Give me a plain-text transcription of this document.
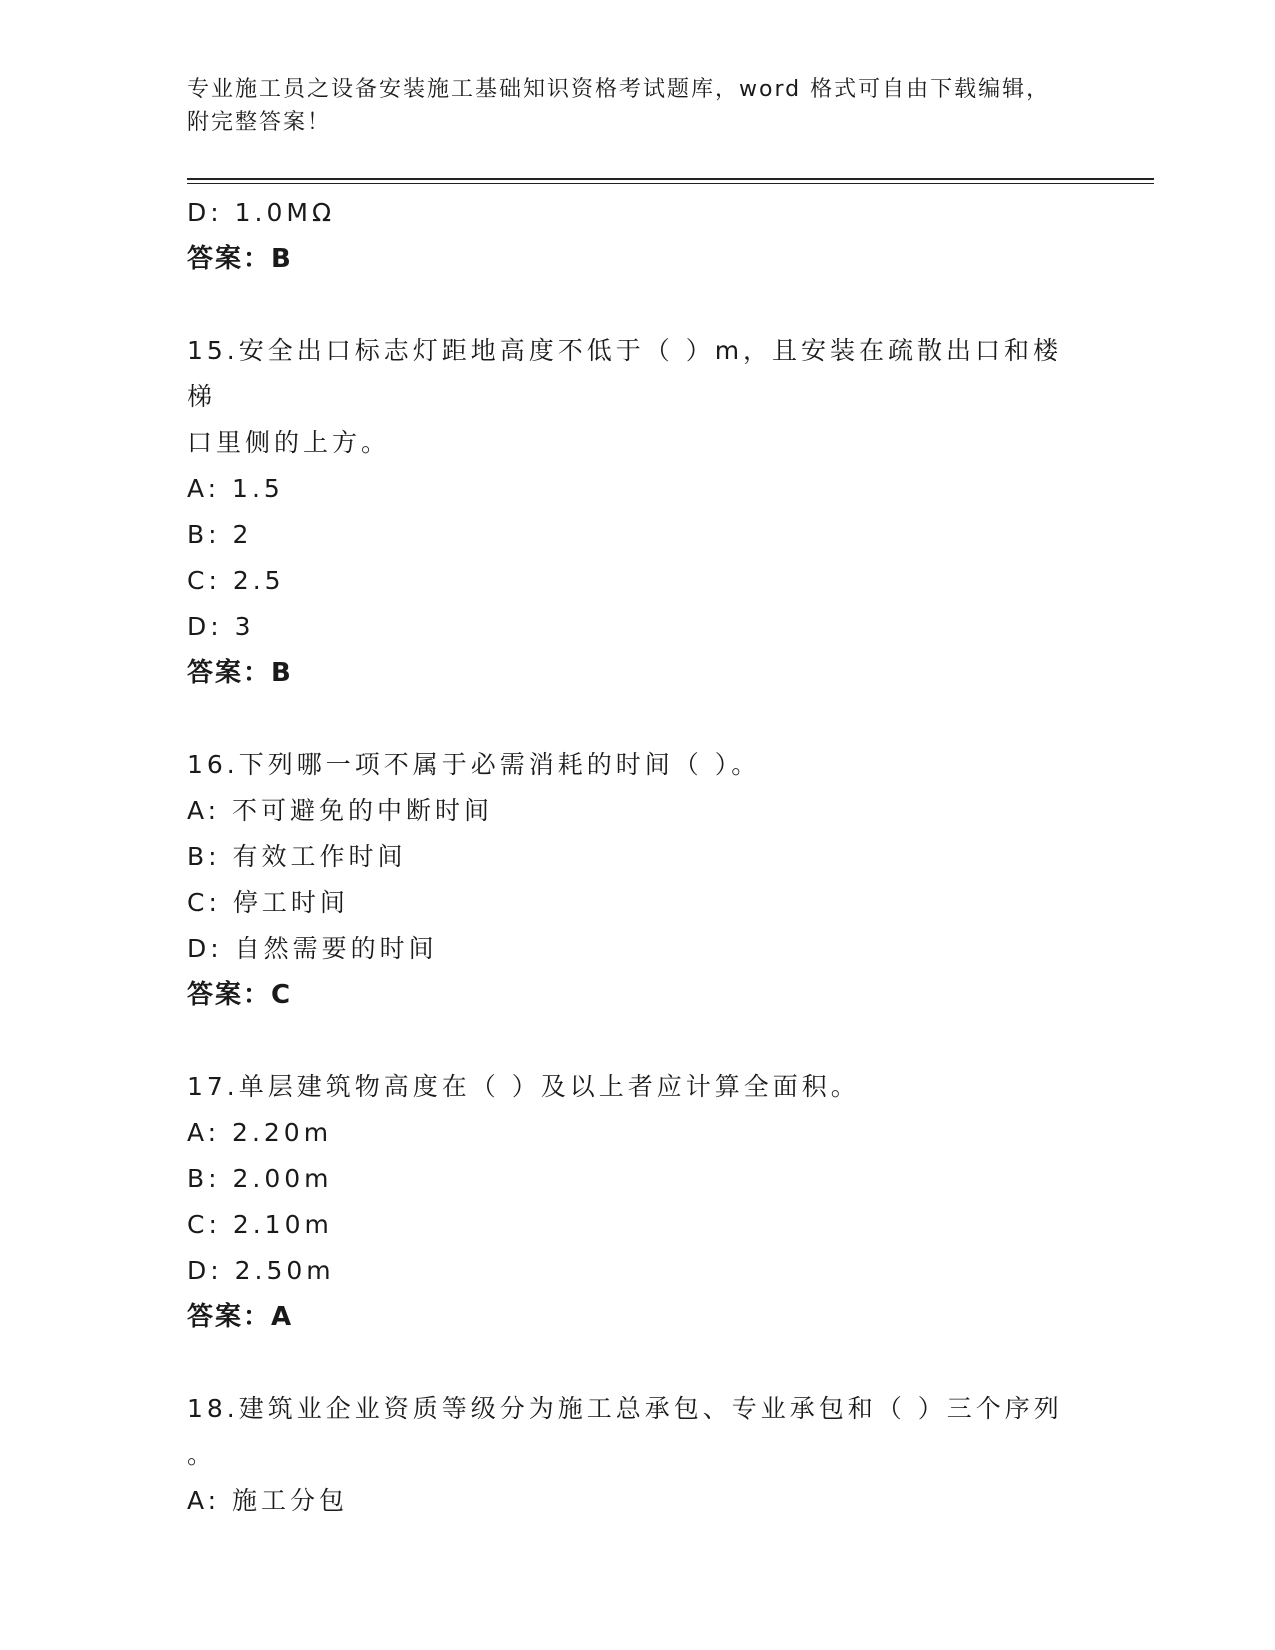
专业施工员之设备安装施工基础知识资格考试题库，word 格式可自由下载编辑，
附完整答案！
D: 1.0MΩ
答案：B
15.安全出口标志灯距地高度不低于（ ）m，且安装在疏散出口和楼梯
口里侧的上方。
A: 1.5
B: 2
C: 2.5
D: 3
答案：B
16.下列哪一项不属于必需消耗的时间（ ）。
A: 不可避免的中断时间
B: 有效工作时间
C: 停工时间
D: 自然需要的时间
答案：C
17.单层建筑物高度在（ ）及以上者应计算全面积。
A: 2.20m
B: 2.00m
C: 2.10m
D: 2.50m
答案：A
18.建筑业企业资质等级分为施工总承包、专业承包和（ ）三个序列
。
A: 施工分包
